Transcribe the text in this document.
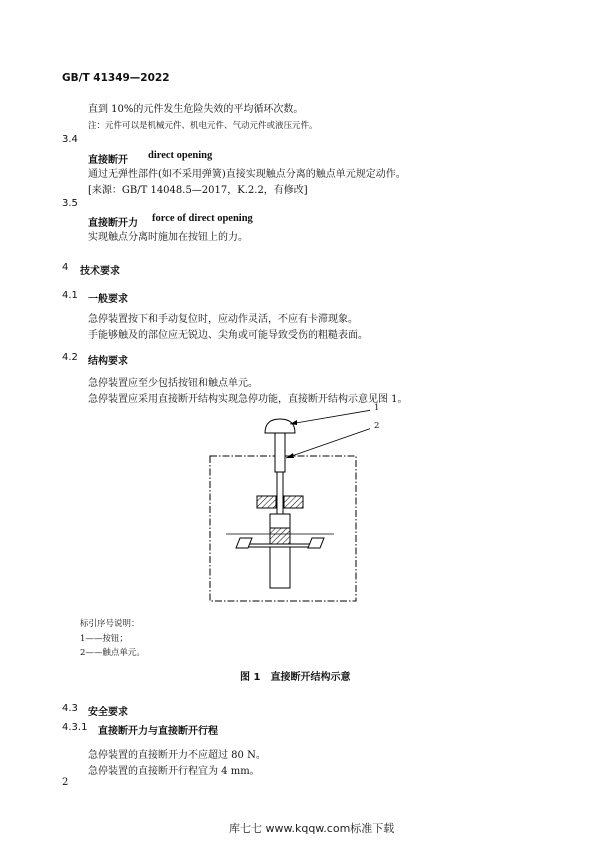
GB/T 41349—2022
直到 10%的元件发生危险失效的平均循环次数。
注：元件可以是机械元件、机电元件、气动元件或液压元件。
3.4
直接断开 direct opening
通过无弹性部件(如不采用弹簧)直接实现触点分离的触点单元规定动作。
[来源：GB/T 14048.5—2017，K.2.2，有修改]
3.5
直接断开力 force of direct opening
实现触点分离时施加在按钮上的力。
4 技术要求
4.1 一般要求
急停装置按下和手动复位时，应动作灵活，不应有卡滞现象。
手能够触及的部位应无锐边、尖角或可能导致受伤的粗糙表面。
4.2 结构要求
急停装置应至少包括按钮和触点单元。
急停装置应采用直接断开结构实现急停功能，直接断开结构示意见图 1。
1
2
标引序号说明：
1——按钮；
2——触点单元。
图 1　直接断开结构示意
4.3 安全要求
4.3.1 直接断开力与直接断开行程
急停装置的直接断开力不应超过 80 N。
急停装置的直接断开行程宜为 4 mm。
2
库七七 www.kqqw.com标准下载
